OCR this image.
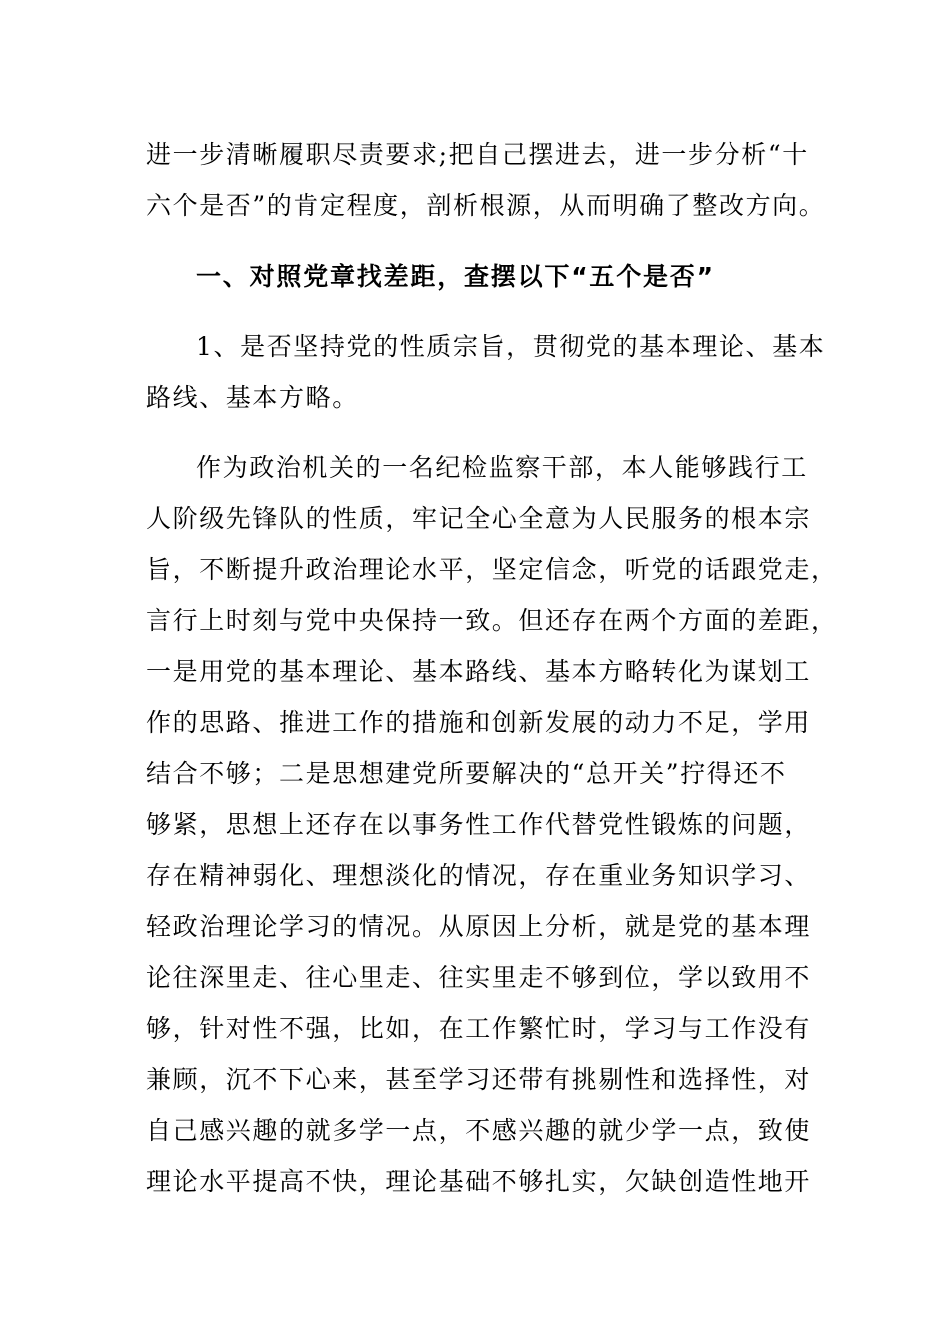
进一步清晰履职尽责要求;把自己摆进去，进一步分析“十
六个是否”的肯定程度，剖析根源，从而明确了整改方向。
一、对照党章找差距，查摆以下“五个是否”
1、是否坚持党的性质宗旨，贯彻党的基本理论、基本
路线、基本方略。
作为政治机关的一名纪检监察干部，本人能够践行工
人阶级先锋队的性质，牢记全心全意为人民服务的根本宗
旨，不断提升政治理论水平，坚定信念，听党的话跟党走，
言行上时刻与党中央保持一致。但还存在两个方面的差距，
一是用党的基本理论、基本路线、基本方略转化为谋划工
作的思路、推进工作的措施和创新发展的动力不足，学用
结合不够；二是思想建党所要解决的“总开关”拧得还不
够紧，思想上还存在以事务性工作代替党性锻炼的问题，
存在精神弱化、理想淡化的情况，存在重业务知识学习、
轻政治理论学习的情况。从原因上分析，就是党的基本理
论往深里走、往心里走、往实里走不够到位，学以致用不
够，针对性不强，比如，在工作繁忙时，学习与工作没有
兼顾，沉不下心来，甚至学习还带有挑剔性和选择性，对
自己感兴趣的就多学一点，不感兴趣的就少学一点，致使
理论水平提高不快，理论基础不够扎实，欠缺创造性地开
